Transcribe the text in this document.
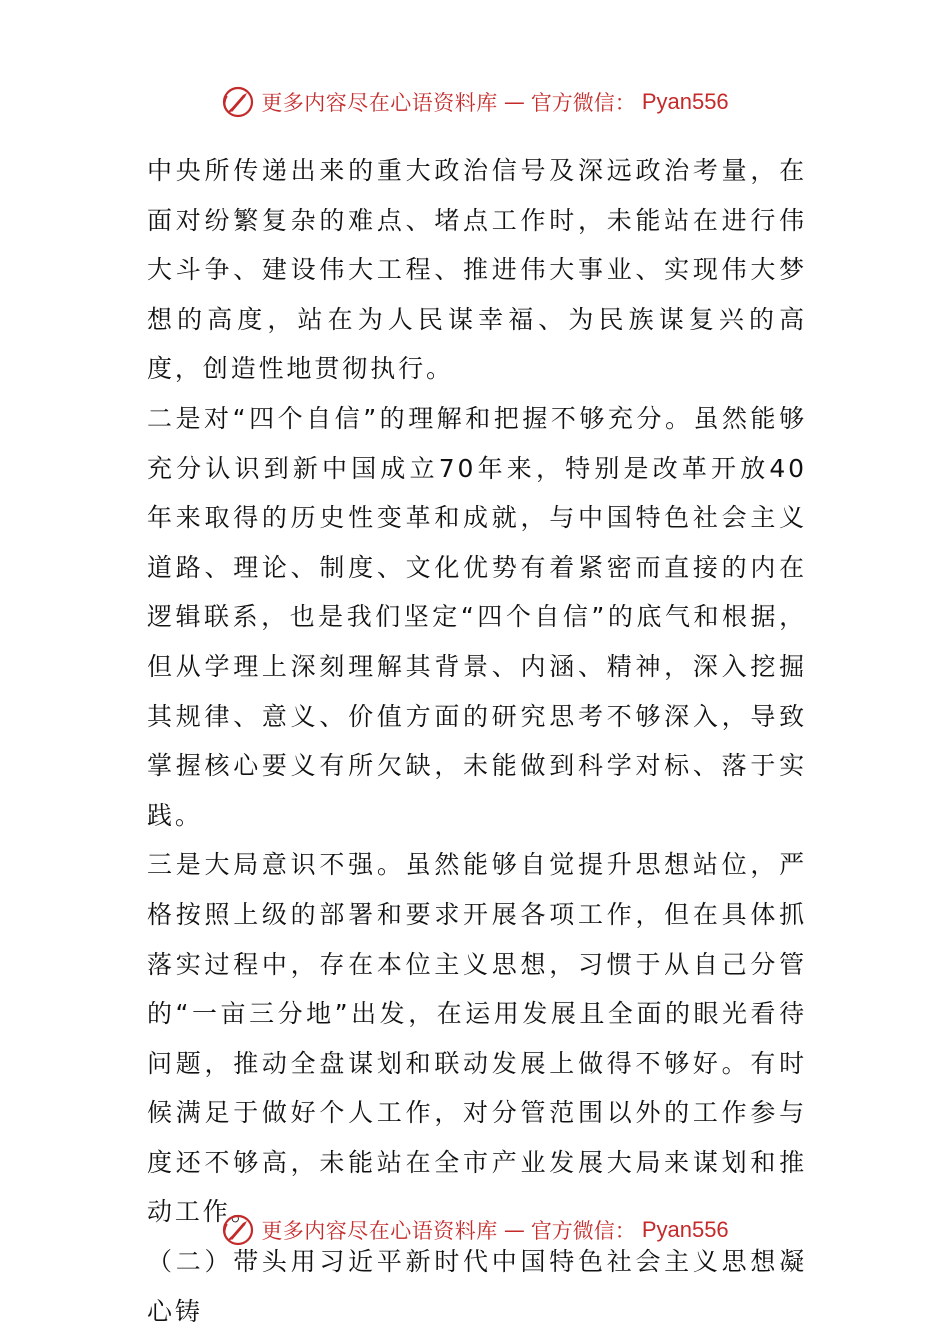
更多内容尽在心语资料库 — 官方微信： Pyan556

中央所传递出来的重大政治信号及深远政治考量，在面对纷繁复杂的难点、堵点工作时，未能站在进行伟大斗争、建设伟大工程、推进伟大事业、实现伟大梦想的高度，站在为人民谋幸福、为民族谋复兴的高度，创造性地贯彻执行。

二是对“四个自信”的理解和把握不够充分。虽然能够充分认识到新中国成立70年来，特别是改革开放40年来取得的历史性变革和成就，与中国特色社会主义道路、理论、制度、文化优势有着紧密而直接的内在逻辑联系，也是我们坚定“四个自信”的底气和根据，但从学理上深刻理解其背景、内涵、精神，深入挖掘其规律、意义、价值方面的研究思考不够深入，导致掌握核心要义有所欠缺，未能做到科学对标、落于实践。

三是大局意识不强。虽然能够自觉提升思想站位，严格按照上级的部署和要求开展各项工作，但在具体抓落实过程中，存在本位主义思想，习惯于从自己分管的“一亩三分地”出发，在运用发展且全面的眼光看待问题，推动全盘谋划和联动发展上做得不够好。有时候满足于做好个人工作，对分管范围以外的工作参与度还不够高，未能站在全市产业发展大局来谋划和推动工作。

（二）带头用习近平新时代中国特色社会主义思想凝心铸

更多内容尽在心语资料库 — 官方微信： Pyan556
